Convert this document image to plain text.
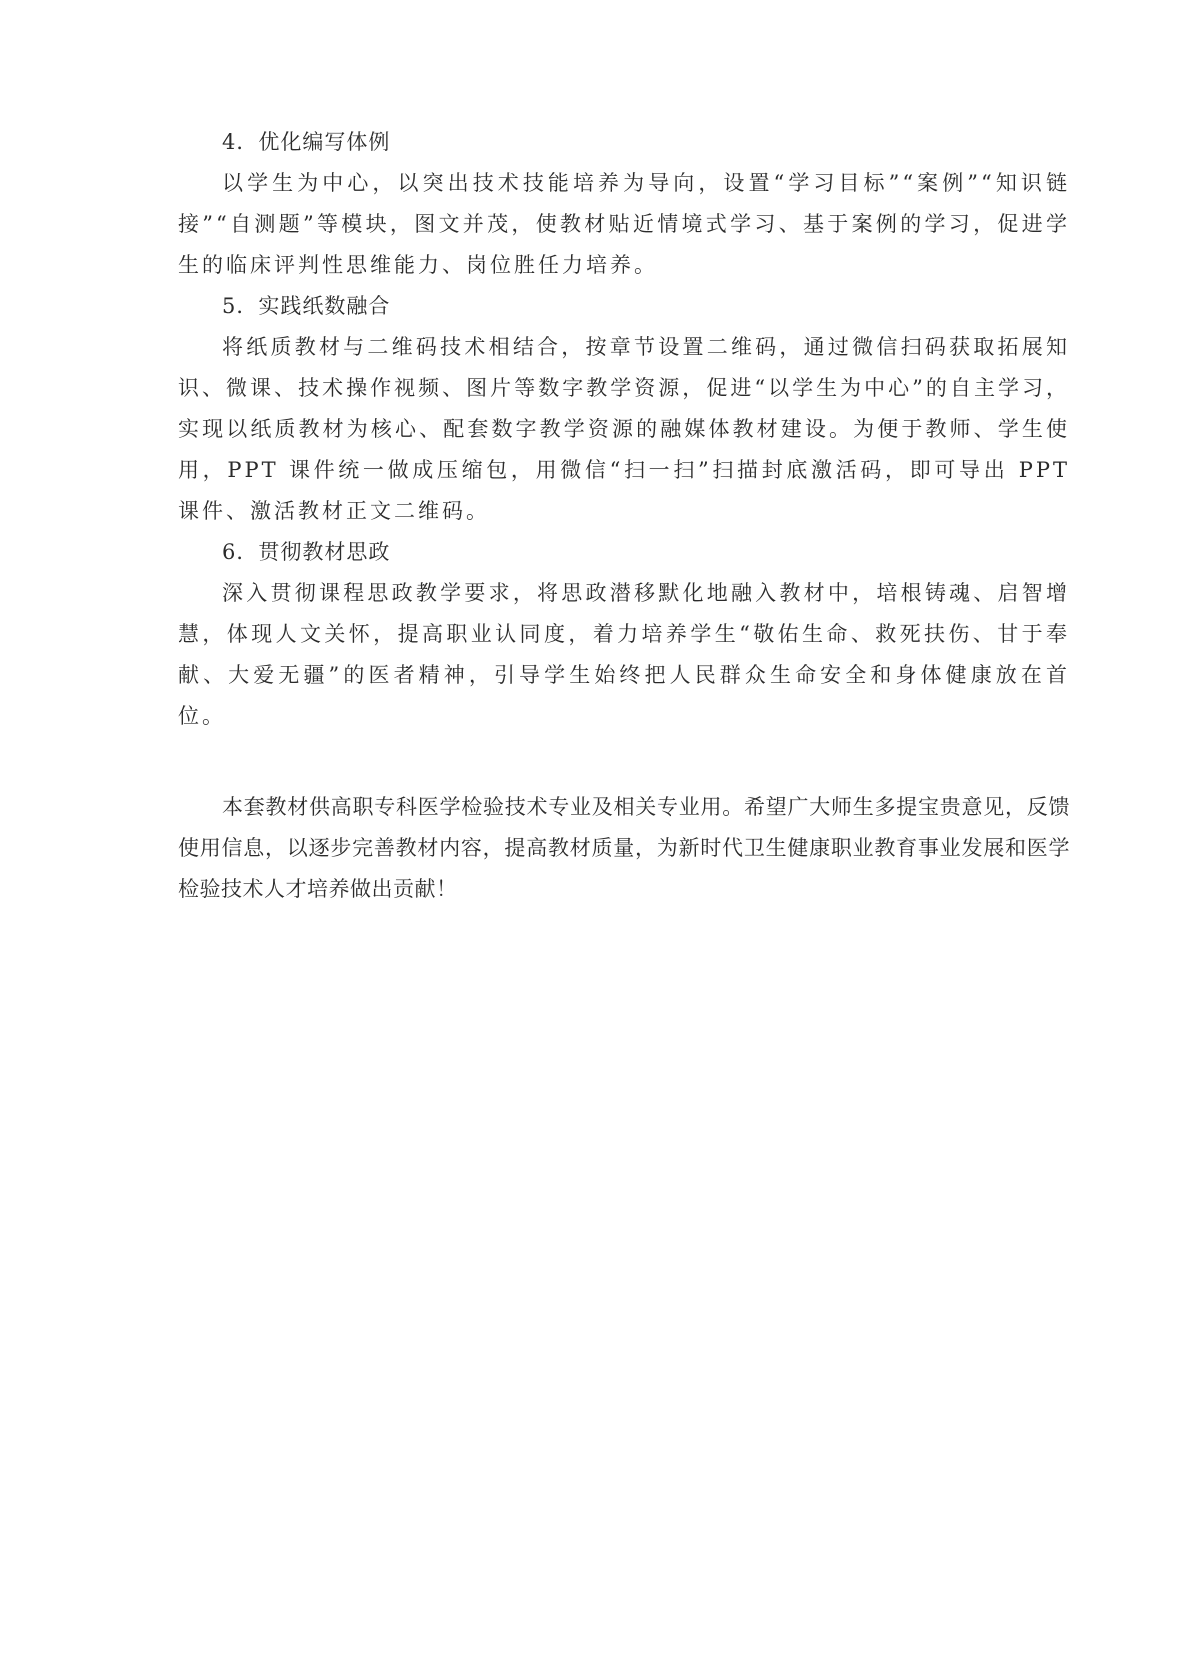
4．优化编写体例

以学生为中心，以突出技术技能培养为导向，设置“学习目标”“案例”“知识链接”“自测题”等模块，图文并茂，使教材贴近情境式学习、基于案例的学习，促进学生的临床评判性思维能力、岗位胜任力培养。

5．实践纸数融合

将纸质教材与二维码技术相结合，按章节设置二维码，通过微信扫码获取拓展知识、微课、技术操作视频、图片等数字教学资源，促进“以学生为中心”的自主学习，实现以纸质教材为核心、配套数字教学资源的融媒体教材建设。为便于教师、学生使用，PPT 课件统一做成压缩包，用微信“扫一扫”扫描封底激活码，即可导出 PPT 课件、激活教材正文二维码。

6．贯彻教材思政

深入贯彻课程思政教学要求，将思政潜移默化地融入教材中，培根铸魂、启智增慧，体现人文关怀，提高职业认同度，着力培养学生“敬佑生命、救死扶伤、甘于奉献、大爱无疆”的医者精神，引导学生始终把人民群众生命安全和身体健康放在首位。

本套教材供高职专科医学检验技术专业及相关专业用。希望广大师生多提宝贵意见，反馈使用信息，以逐步完善教材内容，提高教材质量，为新时代卫生健康职业教育事业发展和医学检验技术人才培养做出贡献！
